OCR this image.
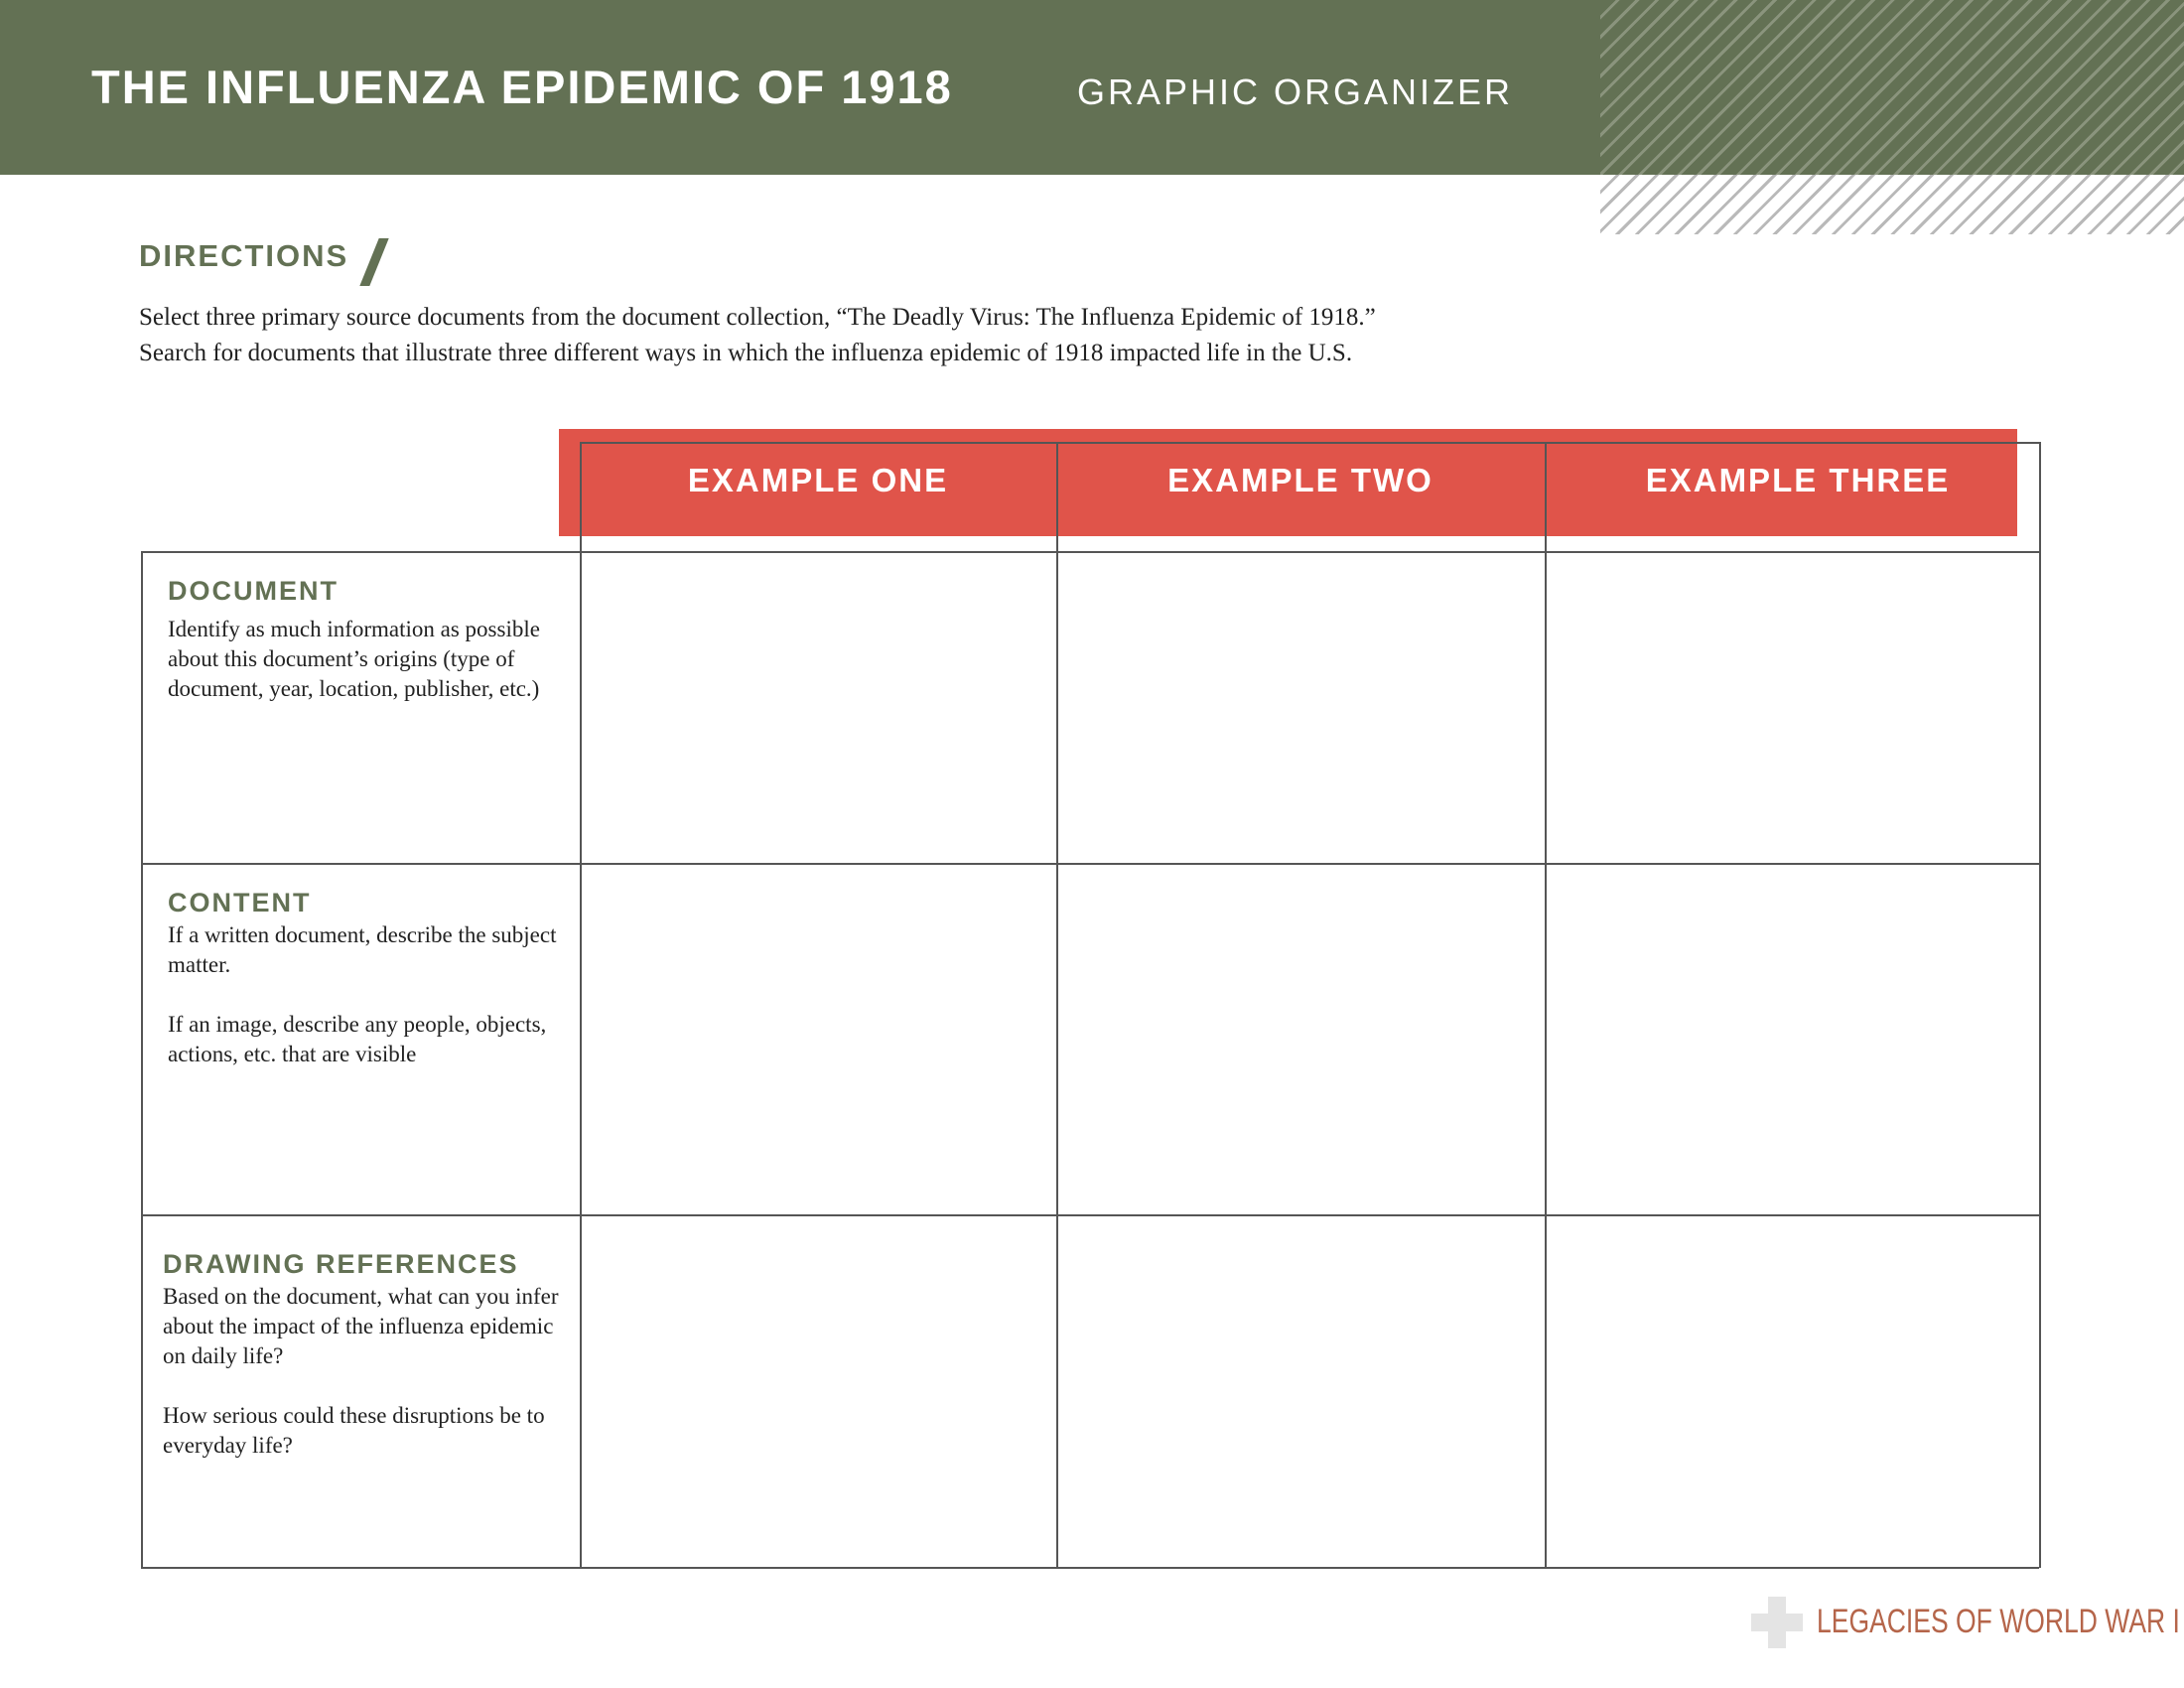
THE INFLUENZA EPIDEMIC OF 1918	GRAPHIC ORGANIZER
DIRECTIONS
Select three primary source documents from the document collection, “The Deadly Virus: The Influenza Epidemic of 1918.”
Search for documents that illustrate three different ways in which the influenza epidemic of 1918 impacted life in the U.S.
EXAMPLE ONE	EXAMPLE TWO	EXAMPLE THREE
DOCUMENT

Identify as much information as possible about this document’s origins (type of document, year, location, publisher, etc.)

CONTENT

If a written document, describe the subject matter.

If an image, describe any people, objects, actions, etc. that are visible

DRAWING REFERENCES

Based on the document, what can you infer about the impact of the influenza epidemic on daily life?

How serious could these disruptions be to everyday life?

LEGACIES OF WORLD WAR I
